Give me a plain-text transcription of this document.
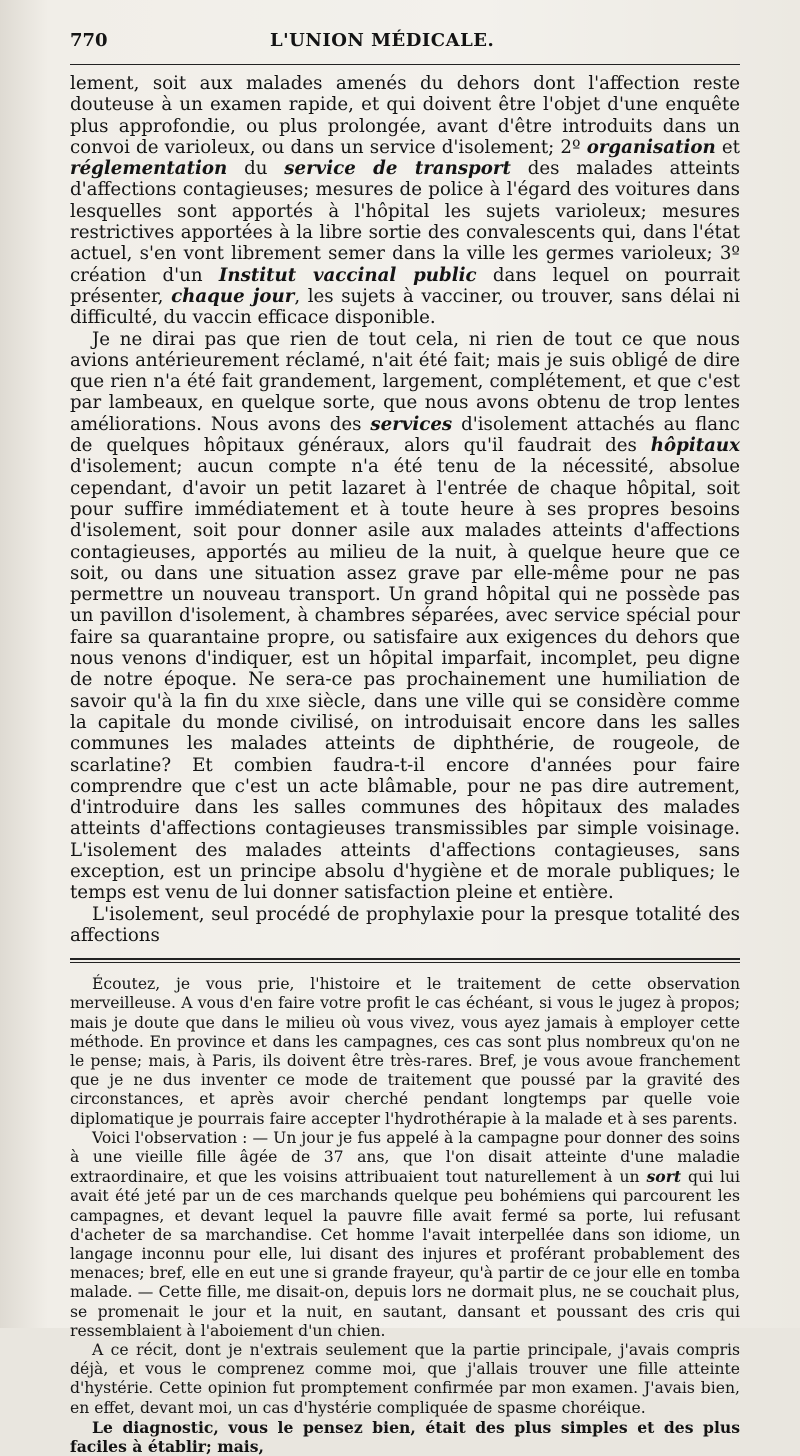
770	L'UNION MÉDICALE.

lement, soit aux malades amenés du dehors dont l'affection reste douteuse à un examen rapide, et qui doivent être l'objet d'une enquête plus approfondie, ou plus prolongée, avant d'être introduits dans un convoi de varioleux, ou dans un service d'isolement; 2º organisation et réglementation du service de transport des malades atteints d'affections contagieuses; mesures de police à l'égard des voitures dans lesquelles sont apportés à l'hôpital les sujets varioleux; mesures restrictives apportées à la libre sortie des convalescents qui, dans l'état actuel, s'en vont librement semer dans la ville les germes varioleux; 3º création d'un Institut vaccinal public dans lequel on pourrait présenter, chaque jour, les sujets à vacciner, ou trouver, sans délai ni difficulté, du vaccin efficace disponible.

Je ne dirai pas que rien de tout cela, ni rien de tout ce que nous avions antérieurement réclamé, n'ait été fait; mais je suis obligé de dire que rien n'a été fait grandement, largement, complétement, et que c'est par lambeaux, en quelque sorte, que nous avons obtenu de trop lentes améliorations. Nous avons des services d'isolement attachés au flanc de quelques hôpitaux généraux, alors qu'il faudrait des hôpitaux d'isolement; aucun compte n'a été tenu de la nécessité, absolue cependant, d'avoir un petit lazaret à l'entrée de chaque hôpital, soit pour suffire immédiatement et à toute heure à ses propres besoins d'isolement, soit pour donner asile aux malades atteints d'affections contagieuses, apportés au milieu de la nuit, à quelque heure que ce soit, ou dans une situation assez grave par elle-même pour ne pas permettre un nouveau transport. Un grand hôpital qui ne possède pas un pavillon d'isolement, à chambres séparées, avec service spécial pour faire sa quarantaine propre, ou satisfaire aux exigences du dehors que nous venons d'indiquer, est un hôpital imparfait, incomplet, peu digne de notre époque. Ne sera-ce pas prochainement une humiliation de savoir qu'à la fin du xixe siècle, dans une ville qui se considère comme la capitale du monde civilisé, on introduisait encore dans les salles communes les malades atteints de diphthérie, de rougeole, de scarlatine? Et combien faudra-t-il encore d'années pour faire comprendre que c'est un acte blâmable, pour ne pas dire autrement, d'introduire dans les salles communes des hôpitaux des malades atteints d'affections contagieuses transmissibles par simple voisinage. L'isolement des malades atteints d'affections contagieuses, sans exception, est un principe absolu d'hygiène et de morale publiques; le temps est venu de lui donner satisfaction pleine et entière.

L'isolement, seul procédé de prophylaxie pour la presque totalité des affections

Écoutez, je vous prie, l'histoire et le traitement de cette observation merveilleuse. A vous d'en faire votre profit le cas échéant, si vous le jugez à propos; mais je doute que dans le milieu où vous vivez, vous ayez jamais à employer cette méthode. En province et dans les campagnes, ces cas sont plus nombreux qu'on ne le pense; mais, à Paris, ils doivent être très-rares. Bref, je vous avoue franchement que je ne dus inventer ce mode de traitement que poussé par la gravité des circonstances, et après avoir cherché pendant longtemps par quelle voie diplomatique je pourrais faire accepter l'hydrothérapie à la malade et à ses parents.

Voici l'observation : — Un jour je fus appelé à la campagne pour donner des soins à une vieille fille âgée de 37 ans, que l'on disait atteinte d'une maladie extraordinaire, et que les voisins attribuaient tout naturellement à un sort qui lui avait été jeté par un de ces marchands quelque peu bohémiens qui parcourent les campagnes, et devant lequel la pauvre fille avait fermé sa porte, lui refusant d'acheter de sa marchandise. Cet homme l'avait interpellée dans son idiome, un langage inconnu pour elle, lui disant des injures et proférant probablement des menaces; bref, elle en eut une si grande frayeur, qu'à partir de ce jour elle en tomba malade. — Cette fille, me disait-on, depuis lors ne dormait plus, ne se couchait plus, se promenait le jour et la nuit, en sautant, dansant et poussant des cris qui ressemblaient à l'aboiement d'un chien.

A ce récit, dont je n'extrais seulement que la partie principale, j'avais compris déjà, et vous le comprenez comme moi, que j'allais trouver une fille atteinte d'hystérie. Cette opinion fut promptement confirmée par mon examen. J'avais bien, en effet, devant moi, un cas d'hystérie compliquée de spasme choréique.

Le diagnostic, vous le pensez bien, était des plus simples et des plus faciles à établir; mais,
